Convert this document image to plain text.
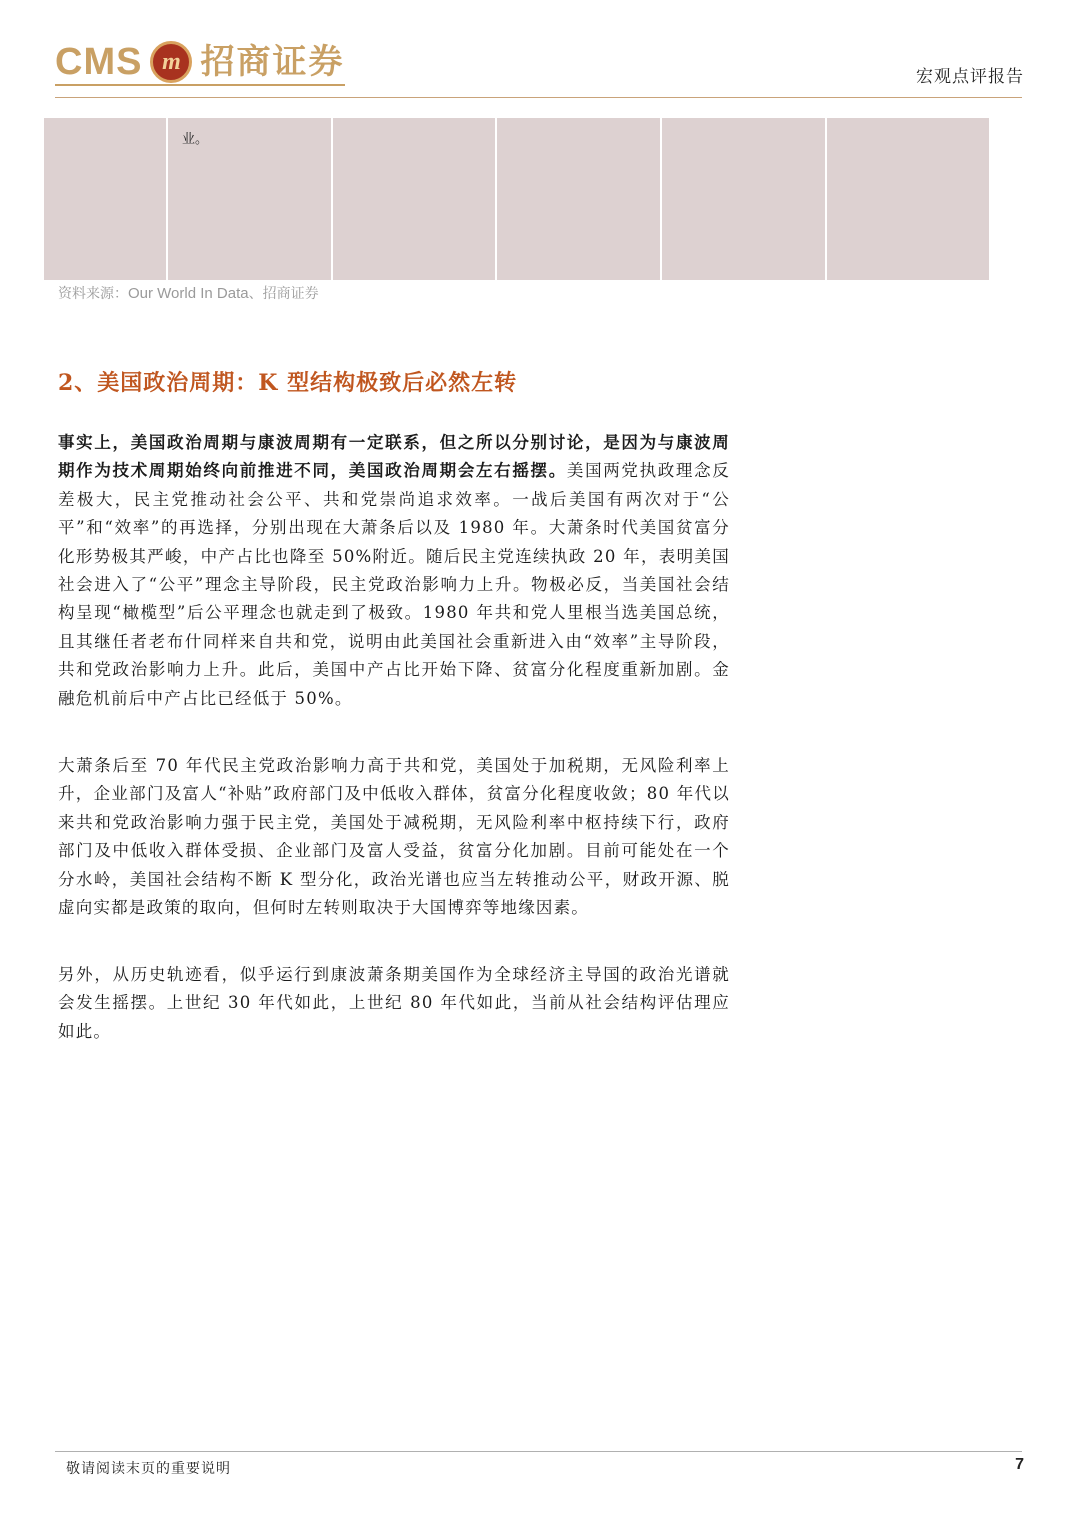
CMS m 招商证券	宏观点评报告
业。
资料来源：Our World In Data、招商证券
2、美国政治周期：K 型结构极致后必然左转

事实上，美国政治周期与康波周期有一定联系，但之所以分别讨论，是因为与康波周期作为技术周期始终向前推进不同，美国政治周期会左右摇摆。美国两党执政理念反差极大，民主党推动社会公平、共和党崇尚追求效率。一战后美国有两次对于“公平”和“效率”的再选择，分别出现在大萧条后以及 1980 年。大萧条时代美国贫富分化形势极其严峻，中产占比也降至 50%附近。随后民主党连续执政 20 年，表明美国社会进入了“公平”理念主导阶段，民主党政治影响力上升。物极必反，当美国社会结构呈现“橄榄型”后公平理念也就走到了极致。1980 年共和党人里根当选美国总统，且其继任者老布什同样来自共和党，说明由此美国社会重新进入由“效率”主导阶段，共和党政治影响力上升。此后，美国中产占比开始下降、贫富分化程度重新加剧。金融危机前后中产占比已经低于 50%。

大萧条后至 70 年代民主党政治影响力高于共和党，美国处于加税期，无风险利率上升，企业部门及富人“补贴”政府部门及中低收入群体，贫富分化程度收敛；80 年代以来共和党政治影响力强于民主党，美国处于减税期，无风险利率中枢持续下行，政府部门及中低收入群体受损、企业部门及富人受益，贫富分化加剧。目前可能处在一个分水岭，美国社会结构不断 K 型分化，政治光谱也应当左转推动公平，财政开源、脱虚向实都是政策的取向，但何时左转则取决于大国博弈等地缘因素。

另外，从历史轨迹看，似乎运行到康波萧条期美国作为全球经济主导国的政治光谱就会发生摇摆。上世纪 30 年代如此，上世纪 80 年代如此，当前从社会结构评估理应如此。

敬请阅读末页的重要说明	7
